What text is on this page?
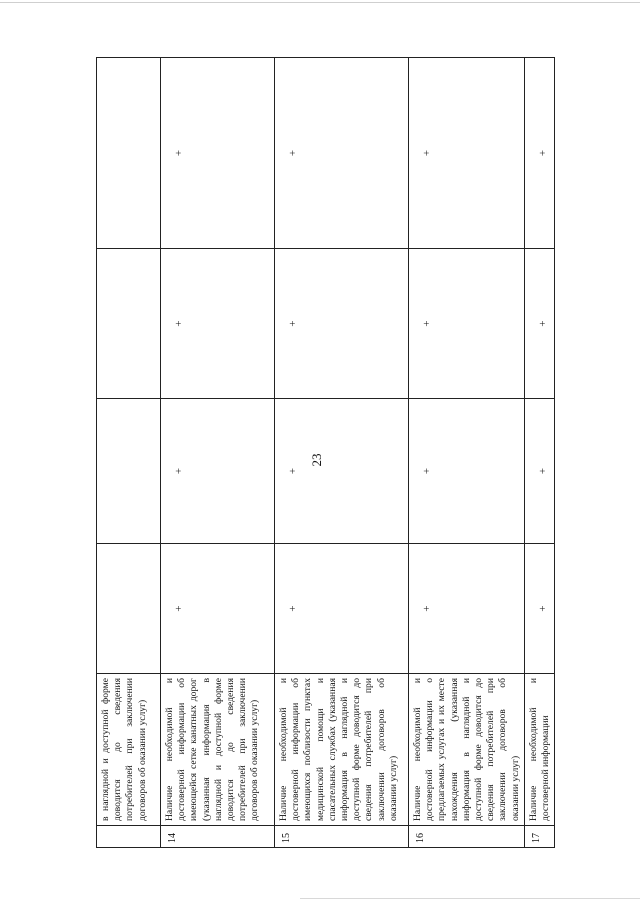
23
	в наглядной и доступной форме доводится до сведения потребителей при заключении договоров об оказании услуг)				
14	Наличие необходимой и достоверной информации об имеющейся сетке канатных дорог (указанная информация в наглядной и доступной форме доводится до сведения потребителей при заключении договоров об оказании услуг)	+	+	+	+
15	Наличие необходимой и достоверной информации об имеющихся поблизости пунктах медицинской помощи и спасательных службах (указанная информация в наглядной и доступной форме доводится до сведения потребителей при заключении договоров об оказании услуг)	+	+	+	+
16	Наличие необходимой и достоверной информации о предлагаемых услугах и их месте нахождения (указанная информация в наглядной и доступной форме доводится до сведения потребителей при заключении договоров об оказании услуг)	+	+	+	+
17	Наличие необходимой и достоверной информации	+	+	+	+
